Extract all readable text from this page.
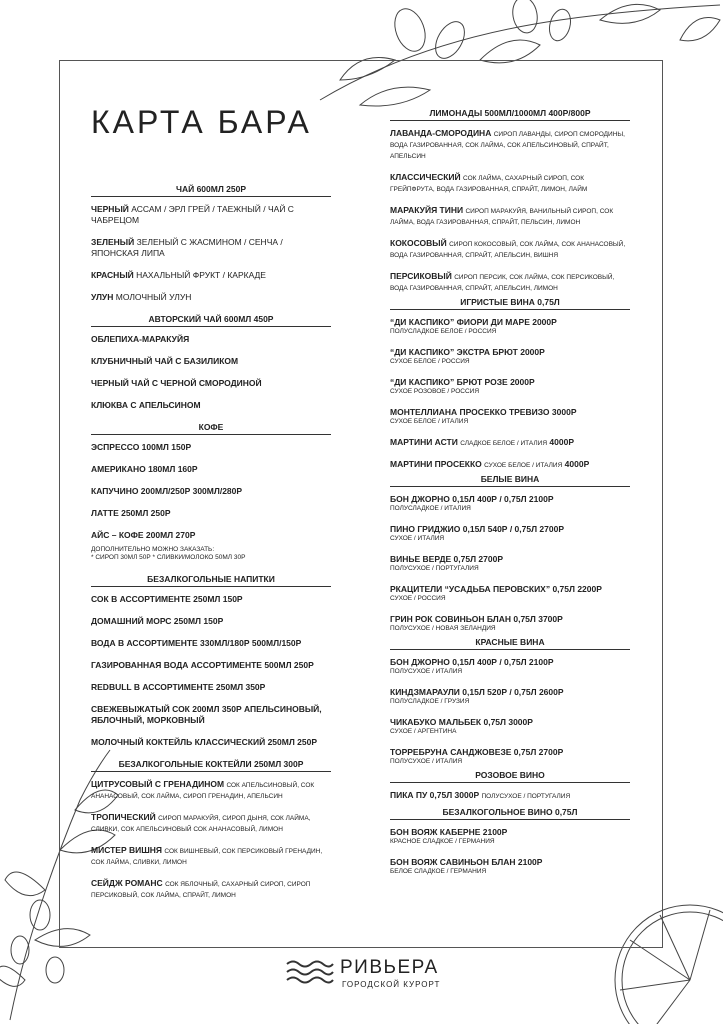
КАРТА БАРА
ЧАЙ 600МЛ 250Р
ЧЕРНЫЙ АССАМ / ЭРЛ ГРЕЙ / ТАЕЖНЫЙ / ЧАЙ С ЧАБРЕЦОМ
ЗЕЛЕНЫЙ ЗЕЛЕНЫЙ С ЖАСМИНОМ / СЕНЧА / ЯПОНСКАЯ ЛИПА
КРАСНЫЙ НАХАЛЬНЫЙ ФРУКТ / КАРКАДЕ
УЛУН МОЛОЧНЫЙ УЛУН
АВТОРСКИЙ ЧАЙ 600МЛ 450Р
ОБЛЕПИХА-МАРАКУЙЯ
КЛУБНИЧНЫЙ ЧАЙ С БАЗИЛИКОМ
ЧЕРНЫЙ ЧАЙ С ЧЕРНОЙ СМОРОДИНОЙ
КЛЮКВА С АПЕЛЬСИНОМ
КОФЕ
ЭСПРЕССО 100МЛ 150Р
АМЕРИКАНО 180МЛ 160Р
КАПУЧИНО 200МЛ/250Р 300МЛ/280Р
ЛАТТЕ 250МЛ 250Р
АЙС – КОФЕ 200МЛ 270Р
ДОПОЛНИТЕЛЬНО МОЖНО ЗАКАЗАТЬ:
* СИРОП 30МЛ 50Р * СЛИВКИ/МОЛОКО 50МЛ 30Р
БЕЗАЛКОГОЛЬНЫЕ НАПИТКИ
СОК В АССОРТИМЕНТЕ 250МЛ 150Р
ДОМАШНИЙ МОРС 250МЛ 150Р
ВОДА В АССОРТИМЕНТЕ 330МЛ/180Р 500МЛ/150Р
ГАЗИРОВАННАЯ ВОДА АССОРТИМЕНТЕ 500МЛ 250Р
REDBULL В АССОРТИМЕНТЕ 250МЛ 350Р
СВЕЖЕВЫЖАТЫЙ СОК 200МЛ 350Р АПЕЛЬСИНОВЫЙ, ЯБЛОЧНЫЙ, МОРКОВНЫЙ
МОЛОЧНЫЙ КОКТЕЙЛЬ КЛАССИЧЕСКИЙ 250МЛ 250Р
БЕЗАЛКОГОЛЬНЫЕ КОКТЕЙЛИ 250МЛ 300Р
ЦИТРУСОВЫЙ С ГРЕНАДИНОМ СОК АПЕЛЬСИНОВЫЙ, СОК АНАНАСОВЫЙ, СОК ЛАЙМА, СИРОП ГРЕНАДИН, АПЕЛЬСИН
ТРОПИЧЕСКИЙ СИРОП МАРАКУЙЯ, СИРОП ДЫНЯ, СОК ЛАЙМА, СЛИВКИ, СОК АПЕЛЬСИНОВЫЙ СОК АНАНАСОВЫЙ, ЛИМОН
МИСТЕР ВИШНЯ СОК ВИШНЕВЫЙ, СОК ПЕРСИКОВЫЙ ГРЕНАДИН, СОК ЛАЙМА, СЛИВКИ, ЛИМОН
СЕЙДЖ РОМАНС СОК ЯБЛОЧНЫЙ, САХАРНЫЙ СИРОП, СИРОП ПЕРСИКОВЫЙ, СОК ЛАЙМА, СПРАЙТ, ЛИМОН
ЛИМОНАДЫ 500МЛ/1000МЛ 400Р/800Р
ЛАВАНДА-СМОРОДИНА СИРОП ЛАВАНДЫ, СИРОП СМОРОДИНЫ, ВОДА ГАЗИРОВАННАЯ, СОК ЛАЙМА, СОК АПЕЛЬСИНОВЫЙ, СПРАЙТ, АПЕЛЬСИН
КЛАССИЧЕСКИЙ СОК ЛАЙМА, САХАРНЫЙ СИРОП, СОК ГРЕЙПФРУТА, ВОДА ГАЗИРОВАННАЯ, СПРАЙТ, ЛИМОН, ЛАЙМ
МАРАКУЙЯ ТИНИ СИРОП МАРАКУЙЯ, ВАНИЛЬНЫЙ СИРОП, СОК ЛАЙМА, ВОДА ГАЗИРОВАННАЯ, СПРАЙТ, ПЕЛЬСИН, ЛИМОН
КОКОСОВЫЙ СИРОП КОКОСОВЫЙ, СОК ЛАЙМА, СОК АНАНАСОВЫЙ, ВОДА ГАЗИРОВАННАЯ, СПРАЙТ, АПЕЛЬСИН, ВИШНЯ
ПЕРСИКОВЫЙ СИРОП ПЕРСИК, СОК ЛАЙМА, СОК ПЕРСИКОВЫЙ, ВОДА ГАЗИРОВАННАЯ, СПРАЙТ, АПЕЛЬСИН, ЛИМОН
ИГРИСТЫЕ ВИНА 0,75Л
“ДИ КАСПИКО” ФИОРИ ДИ МАРЕ 2000Р
ПОЛУСЛАДКОЕ БЕЛОЕ / РОССИЯ
“ДИ КАСПИКО” ЭКСТРА БРЮТ 2000Р
СУХОЕ БЕЛОЕ / РОССИЯ
“ДИ КАСПИКО” БРЮТ РОЗЕ 2000Р
СУХОЕ РОЗОВОЕ / РОССИЯ
МОНТЕЛЛИАНА ПРОСЕККО ТРЕВИЗО 3000Р
СУХОЕ БЕЛОЕ / ИТАЛИЯ
МАРТИНИ АСТИ СЛАДКОЕ БЕЛОЕ / ИТАЛИЯ 4000Р
МАРТИНИ ПРОСЕККО СУХОЕ БЕЛОЕ / ИТАЛИЯ 4000Р
БЕЛЫЕ ВИНА
БОН ДЖОРНО 0,15Л 400Р / 0,75Л 2100Р
ПОЛУСЛАДКОЕ / ИТАЛИЯ
ПИНО ГРИДЖИО 0,15Л 540Р / 0,75Л 2700Р
СУХОЕ / ИТАЛИЯ
ВИНЬЕ ВЕРДЕ 0,75Л 2700Р
ПОЛУСУХОЕ / ПОРТУГАЛИЯ
РКАЦИТЕЛИ “УСАДЬБА ПЕРОВСКИХ” 0,75Л 2200Р
СУХОЕ / РОССИЯ
ГРИН РОК СОВИНЬОН БЛАН 0,75Л 3700Р
ПОЛУСУХОЕ / НОВАЯ ЗЕЛАНДИЯ
КРАСНЫЕ ВИНА
БОН ДЖОРНО 0,15Л 400Р / 0,75Л 2100Р
ПОЛУСУХОЕ / ИТАЛИЯ
КИНДЗМАРАУЛИ 0,15Л 520Р / 0,75Л 2600Р
ПОЛУСЛАДКОЕ / ГРУЗИЯ
ЧИКАБУКО МАЛЬБЕК 0,75Л 3000Р
СУХОЕ / АРГЕНТИНА
ТОРРЕБРУНА САНДЖОВЕЗЕ 0,75Л 2700Р
ПОЛУСУХОЕ / ИТАЛИЯ
РОЗОВОЕ ВИНО
ПИКА ПУ 0,75Л 3000Р ПОЛУСУХОЕ / ПОРТУГАЛИЯ
БЕЗАЛКОГОЛЬНОЕ ВИНО 0,75Л
БОН ВОЯЖ КАБЕРНЕ 2100Р
КРАСНОЕ СЛАДКОЕ / ГЕРМАНИЯ
БОН ВОЯЖ САВИНЬОН БЛАН 2100Р
БЕЛОЕ СЛАДКОЕ / ГЕРМАНИЯ
РИВЬЕРА
ГОРОДСКОЙ КУРОРТ
